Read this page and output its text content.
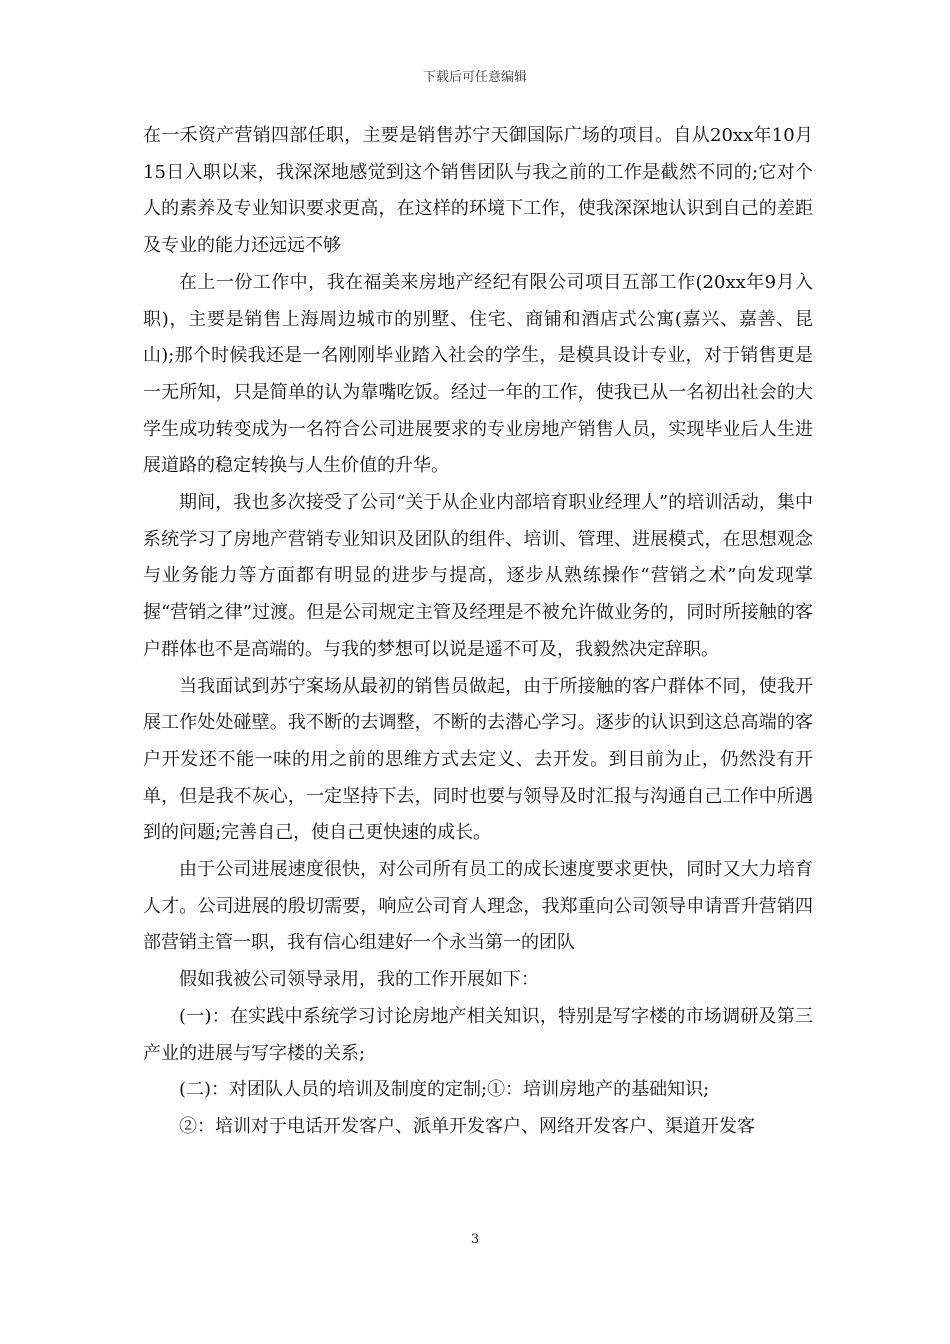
下载后可任意编辑

在一禾资产营销四部任职，主要是销售苏宁天御国际广场的项目。自从20xx年10月15日入职以来，我深深地感觉到这个销售团队与我之前的工作是截然不同的;它对个人的素养及专业知识要求更高，在这样的环境下工作，使我深深地认识到自己的差距及专业的能力还远远不够

在上一份工作中，我在福美来房地产经纪有限公司项目五部工作(20xx年9月入职)，主要是销售上海周边城市的别墅、住宅、商铺和酒店式公寓(嘉兴、嘉善、昆山);那个时候我还是一名刚刚毕业踏入社会的学生，是模具设计专业，对于销售更是一无所知，只是简单的认为靠嘴吃饭。经过一年的工作，使我已从一名初出社会的大学生成功转变成为一名符合公司进展要求的专业房地产销售人员，实现毕业后人生进展道路的稳定转换与人生价值的升华。

期间，我也多次接受了公司“关于从企业内部培育职业经理人”的培训活动，集中系统学习了房地产营销专业知识及团队的组件、培训、管理、进展模式，在思想观念与业务能力等方面都有明显的进步与提高，逐步从熟练操作“营销之术”向发现掌握“营销之律”过渡。但是公司规定主管及经理是不被允许做业务的，同时所接触的客户群体也不是高端的。与我的梦想可以说是遥不可及，我毅然决定辞职。

当我面试到苏宁案场从最初的销售员做起，由于所接触的客户群体不同，使我开展工作处处碰壁。我不断的去调整，不断的去潜心学习。逐步的认识到这总高端的客户开发还不能一味的用之前的思维方式去定义、去开发。到目前为止，仍然没有开单，但是我不灰心，一定坚持下去，同时也要与领导及时汇报与沟通自己工作中所遇到的问题;完善自己，使自己更快速的成长。

由于公司进展速度很快，对公司所有员工的成长速度要求更快，同时又大力培育人才。公司进展的殷切需要，响应公司育人理念，我郑重向公司领导申请晋升营销四部营销主管一职，我有信心组建好一个永当第一的团队

假如我被公司领导录用，我的工作开展如下：

(一)：在实践中系统学习讨论房地产相关知识，特别是写字楼的市场调研及第三产业的进展与写字楼的关系;

(二)：对团队人员的培训及制度的定制;①：培训房地产的基础知识;

②：培训对于电话开发客户、派单开发客户、网络开发客户、渠道开发客

3
